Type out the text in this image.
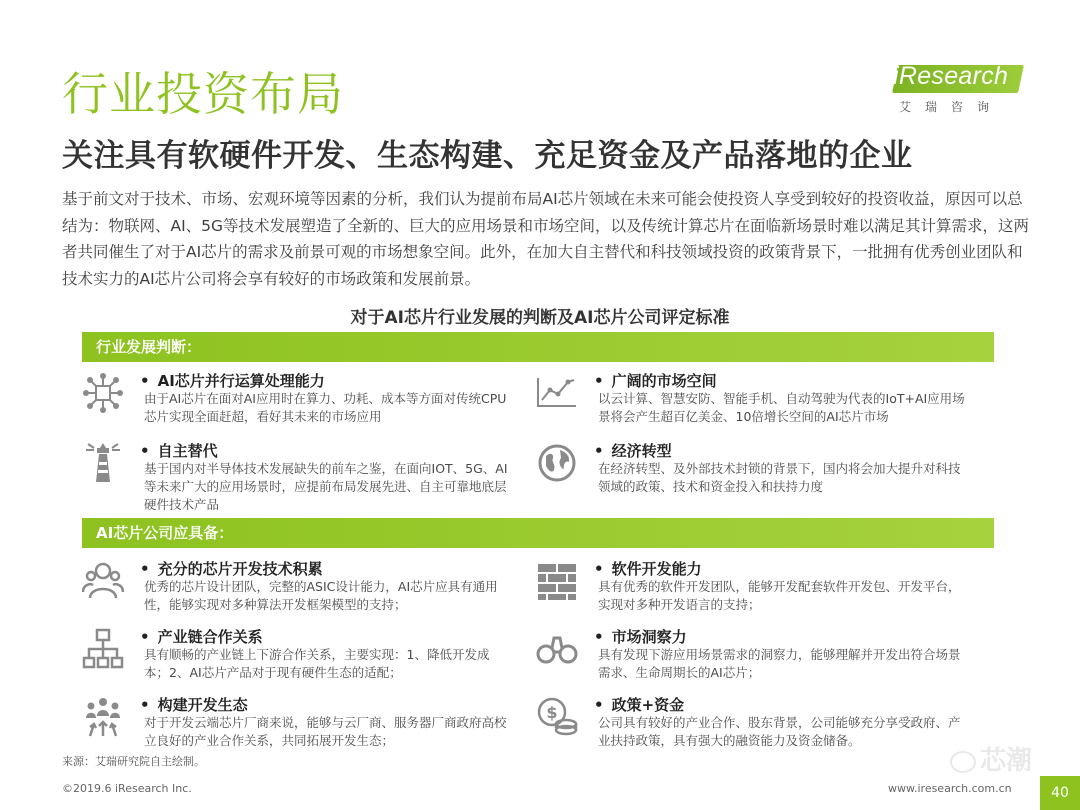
行业投资布局	iResearch
艾瑞咨询
关注具有软硬件开发、生态构建、充足资金及产品落地的企业
基于前文对于技术、市场、宏观环境等因素的分析，我们认为提前布局AI芯片领域在未来可能会使投资人享受到较好的投资收益，原因可以总结为：物联网、AI、5G等技术发展塑造了全新的、巨大的应用场景和市场空间，以及传统计算芯片在面临新场景时难以满足其计算需求，这两者共同催生了对于AI芯片的需求及前景可观的市场想象空间。此外，在加大自主替代和科技领域投资的政策背景下，一批拥有优秀创业团队和技术实力的AI芯片公司将会享有较好的市场政策和发展前景。
对于AI芯片行业发展的判断及AI芯片公司评定标准
行业发展判断：
AI芯片公司应具备：
• AI芯片并行运算处理能力
由于AI芯片在面对AI应用时在算力、功耗、成本等方面对传统CPU芯片实现全面赶超，看好其未来的市场应用
• 广阔的市场空间
以云计算、智慧安防、智能手机、自动驾驶为代表的IoT+AI应用场景将会产生超百亿美金、10倍增长空间的AI芯片市场
• 自主替代
基于国内对半导体技术发展缺失的前车之鉴，在面向IOT、5G、AI等未来广大的应用场景时，应提前布局发展先进、自主可靠地底层硬件技术产品
• 经济转型
在经济转型、及外部技术封锁的背景下，国内将会加大提升对科技领域的政策、技术和资金投入和扶持力度
• 充分的芯片开发技术积累
优秀的芯片设计团队，完整的ASIC设计能力，AI芯片应具有通用性，能够实现对多种算法开发框架模型的支持；
• 软件开发能力
具有优秀的软件开发团队，能够开发配套软件开发包、开发平台，实现对多种开发语言的支持；
• 产业链合作关系
具有顺畅的产业链上下游合作关系，主要实现：1、降低开发成本；2、AI芯片产品对于现有硬件生态的适配；
• 市场洞察力
具有发现下游应用场景需求的洞察力，能够理解并开发出符合场景需求、生命周期长的AI芯片；
• 构建开发生态
对于开发云端芯片厂商来说，能够与云厂商、服务器厂商政府高校立良好的产业合作关系，共同拓展开发生态；
$ • 政策+资金
公司具有较好的产业合作、股东背景，公司能够充分享受政府、产业扶持政策，具有强大的融资能力及资金储备。
芯潮
来源：艾瑞研究院自主绘制。
©2019.6 iResearch Inc.	www.iresearch.com.cn	40
